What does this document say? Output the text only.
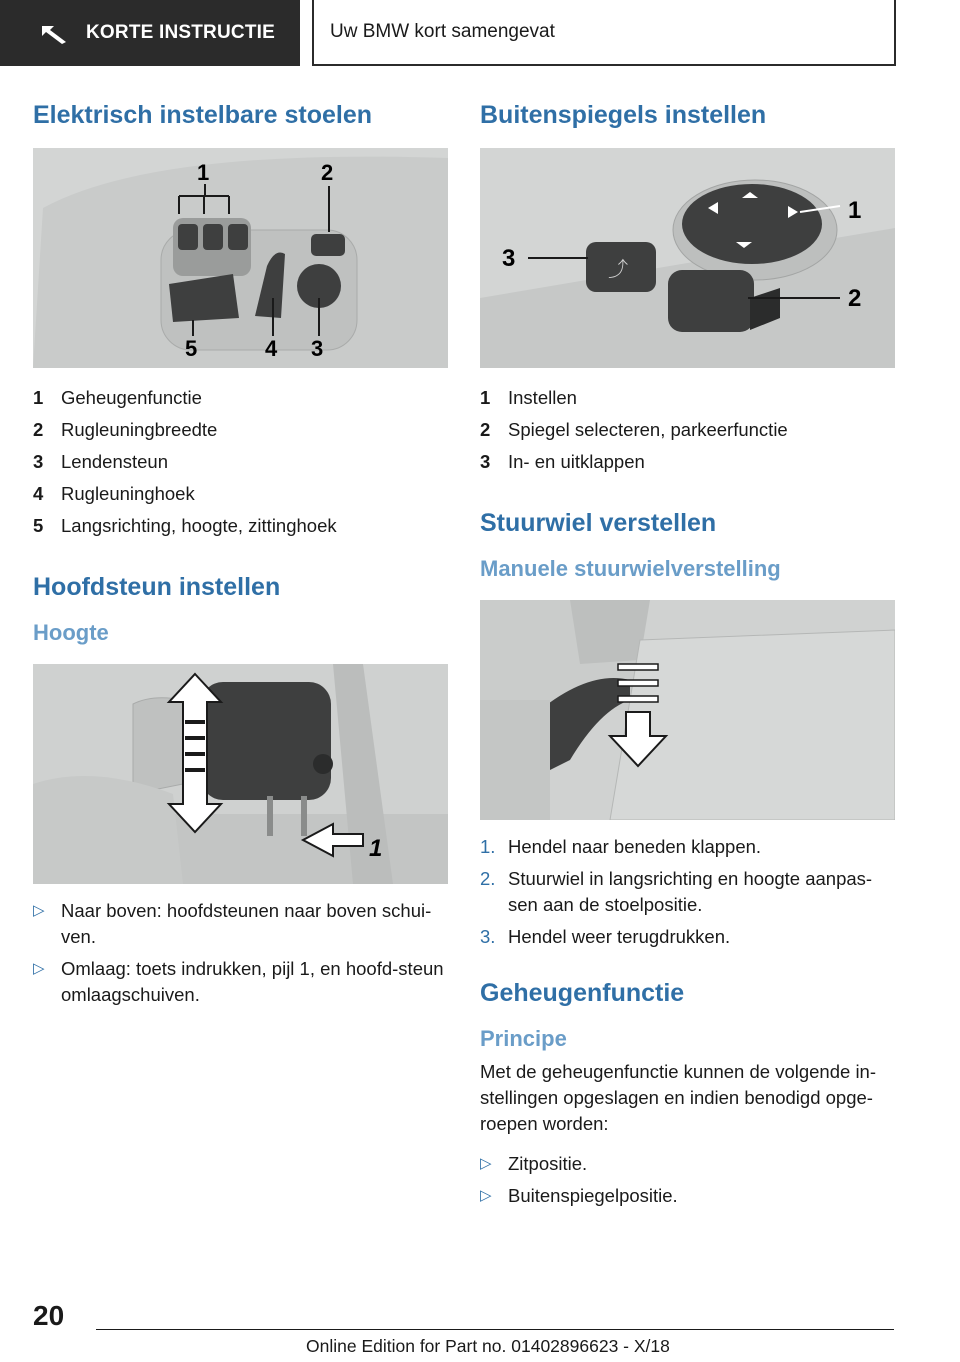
KORTE INSTRUCTIE	Uw BMW kort samengevat
Elektrisch instelbare stoelen
1	2
5	4 3
1 Geheugenfunctie
2 Rugleuningbreedte
3 Lendensteun
4 Rugleuninghoek
5 Langsrichting, hoogte, zittinghoek
Hoofdsteun instellen
Hoogte
1
▷ Naar boven: hoofdsteunen naar boven schui-ven.
▷ Omlaag: toets indrukken, pijl 1, en hoofd-steun omlaagschuiven.
Buitenspiegels instellen
⤴
1
2
3
1 Instellen
2 Spiegel selecteren, parkeerfunctie
3 In- en uitklappen
Stuurwiel verstellen
Manuele stuurwielverstelling
1. Hendel naar beneden klappen.
2. Stuurwiel in langsrichting en hoogte aanpas-sen aan de stoelpositie.
3. Hendel weer terugdrukken.
Geheugenfunctie
Principe

Met de geheugenfunctie kunnen de volgende in-stellingen opgeslagen en indien benodigd opge-roepen worden:

▷ Zitpositie.
▷ Buitenspiegelpositie.
20
Online Edition for Part no. 01402896623 - X/18
